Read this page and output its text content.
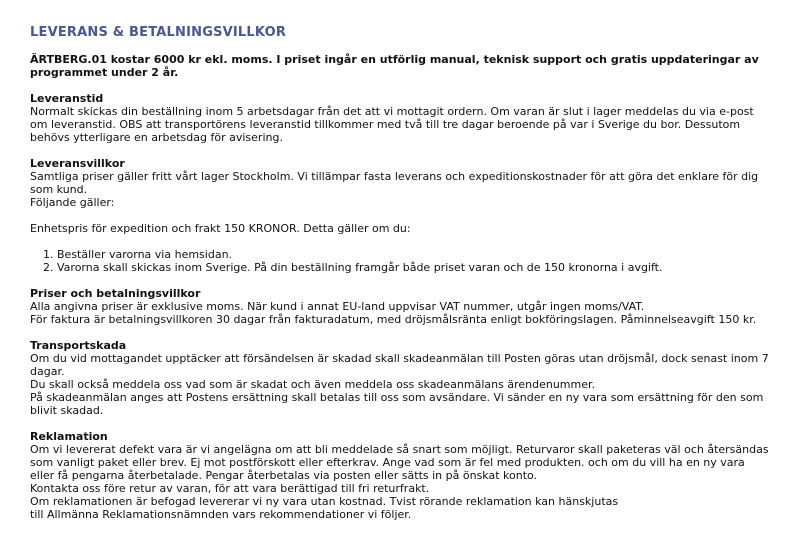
LEVERANS & BETALNINGSVILLKOR
ÄRTBERG.01 kostar 6000 kr ekl. moms. I priset ingår en utförlig manual, teknisk support och gratis uppdateringar av programmet under 2 år.
Leveranstid
Normalt skickas din beställning inom 5 arbetsdagar från det att vi mottagit ordern. Om varan är slut i lager meddelas du via e-post om leveranstid. OBS att transportörens leveranstid tillkommer med två till tre dagar beroende på var i Sverige du bor. Dessutom behövs ytterligare en arbetsdag för avisering.
Leveransvillkor
Samtliga priser gäller fritt vårt lager Stockholm. Vi tillämpar fasta leverans och expeditionskostnader för att göra det enklare för dig som kund.
Följande gäller:
Enhetspris för expedition och frakt 150 KRONOR. Detta gäller om du:
1. Beställer varorna via hemsidan.
2. Varorna skall skickas inom Sverige. På din beställning framgår både priset varan och de 150 kronorna i avgift.
Priser och betalningsvillkor
Alla angivna priser är exklusive moms. När kund i annat EU-land uppvisar VAT nummer, utgår ingen moms/VAT.
För faktura är betalningsvillkoren 30 dagar från fakturadatum, med dröjsmålsränta enligt bokföringslagen. Påminnelseavgift 150 kr.
Transportskada
Om du vid mottagandet upptäcker att försändelsen är skadad skall skadeanmälan till Posten göras utan dröjsmål, dock senast inom 7 dagar.
Du skall också meddela oss vad som är skadat och även meddela oss skadeanmälans ärendenummer.
På skadeanmälan anges att Postens ersättning skall betalas till oss som avsändare. Vi sänder en ny vara som ersättning för den som blivit skadad.
Reklamation
Om vi levererat defekt vara är vi angelägna om att bli meddelade så snart som möjligt. Returvaror skall paketeras väl och återsändas som vanligt paket eller brev. Ej mot postförskott eller efterkrav. Ange vad som är fel med produkten. och om du vill ha en ny vara eller få pengarna återbetalade. Pengar återbetalas via posten eller sätts in på önskat konto.
Kontakta oss före retur av varan, för att vara berättigad till fri returfrakt.
Om reklamationen är befogad levererar vi ny vara utan kostnad. Tvist rörande reklamation kan hänskjutas
till Allmänna Reklamationsnämnden vars rekommendationer vi följer.
